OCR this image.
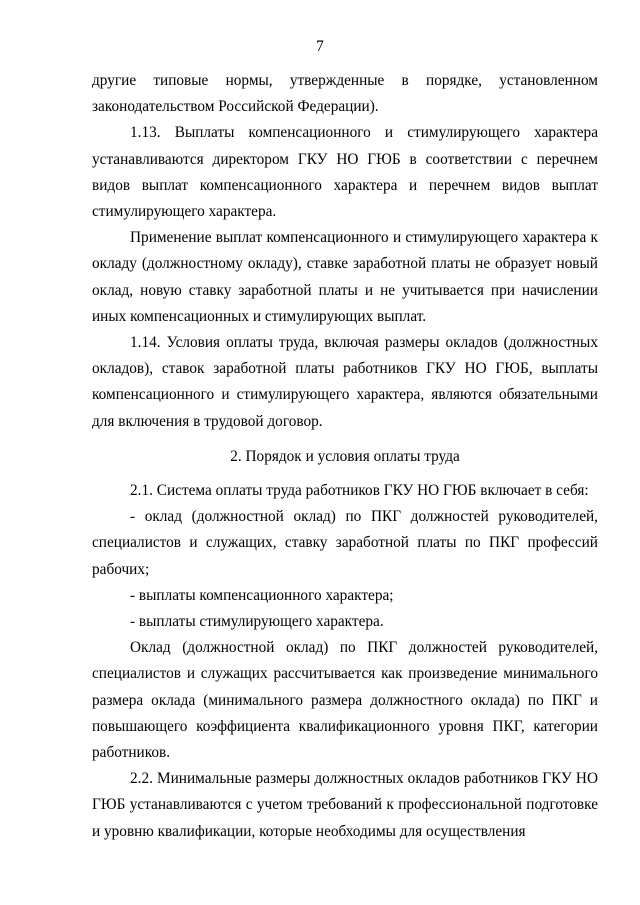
7

другие типовые нормы, утвержденные в порядке, установленном законодательством Российской Федерации).

1.13. Выплаты компенсационного и стимулирующего характера устанавливаются директором ГКУ НО ГЮБ в соответствии с перечнем видов выплат компенсационного характера и перечнем видов выплат стимулирующего характера.

Применение выплат компенсационного и стимулирующего характера к окладу (должностному окладу), ставке заработной платы не образует новый оклад, новую ставку заработной платы и не учитывается при начислении иных компенсационных и стимулирующих выплат.

1.14. Условия оплаты труда, включая размеры окладов (должностных окладов), ставок заработной платы работников ГКУ НО ГЮБ, выплаты компенсационного и стимулирующего характера, являются обязательными для включения в трудовой договор.

2. Порядок и условия оплаты труда

2.1. Система оплаты труда работников ГКУ НО ГЮБ включает в себя:

- оклад (должностной оклад) по ПКГ должностей руководителей, специалистов и служащих, ставку заработной платы по ПКГ профессий рабочих;

- выплаты компенсационного характера;

- выплаты стимулирующего характера.

Оклад (должностной оклад) по ПКГ должностей руководителей, специалистов и служащих рассчитывается как произведение минимального размера оклада (минимального размера должностного оклада) по ПКГ и повышающего коэффициента квалификационного уровня ПКГ, категории работников.

2.2. Минимальные размеры должностных окладов работников ГКУ НО ГЮБ устанавливаются с учетом требований к профессиональной подготовке и уровню квалификации, которые необходимы для осуществления
